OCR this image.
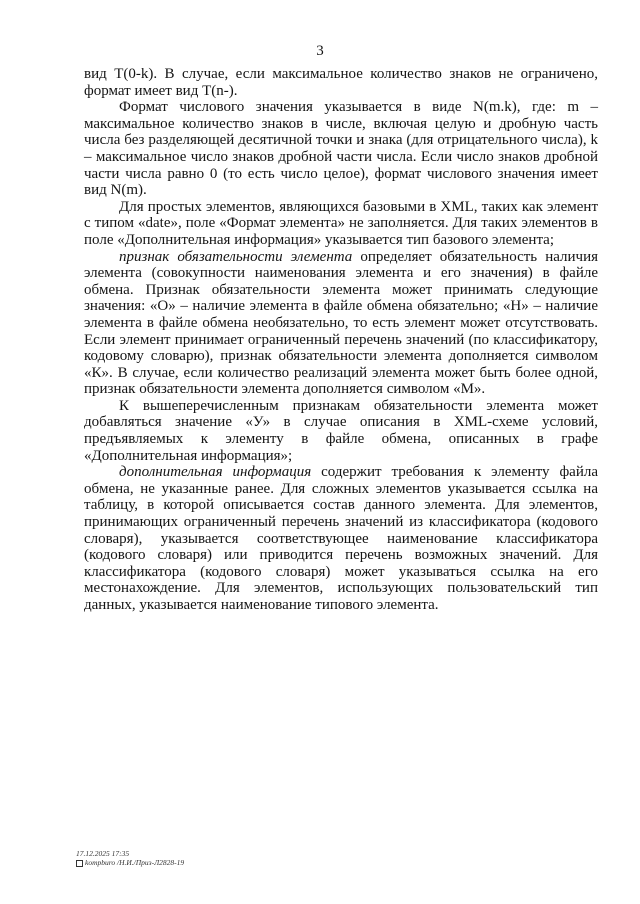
3

вид T(0-k). В случае, если максимальное количество знаков не ограничено, формат имеет вид T(n-).

Формат числового значения указывается в виде N(m.k), где: m – максимальное количество знаков в числе, включая целую и дробную часть числа без разделяющей десятичной точки и знака (для отрицательного числа), k – максимальное число знаков дробной части числа. Если число знаков дробной части числа равно 0 (то есть число целое), формат числового значения имеет вид N(m).

Для простых элементов, являющихся базовыми в XML, таких как элемент с типом «date», поле «Формат элемента» не заполняется. Для таких элементов в поле «Дополнительная информация» указывается тип базового элемента;

признак обязательности элемента определяет обязательность наличия элемента (совокупности наименования элемента и его значения) в файле обмена. Признак обязательности элемента может принимать следующие значения: «О» – наличие элемента в файле обмена обязательно; «Н» – наличие элемента в файле обмена необязательно, то есть элемент может отсутствовать. Если элемент принимает ограниченный перечень значений (по классификатору, кодовому словарю), признак обязательности элемента дополняется символом «К». В случае, если количество реализаций элемента может быть более одной, признак обязательности элемента дополняется символом «М».

К вышеперечисленным признакам обязательности элемента может добавляться значение «У» в случае описания в XML-схеме условий, предъявляемых к элементу в файле обмена, описанных в графе «Дополнительная информация»;

дополнительная информация содержит требования к элементу файла обмена, не указанные ранее. Для сложных элементов указывается ссылка на таблицу, в которой описывается состав данного элемента. Для элементов, принимающих ограниченный перечень значений из классификатора (кодового словаря), указывается соответствующее наименование классификатора (кодового словаря) или приводится перечень возможных значений. Для классификатора (кодового словаря) может указываться ссылка на его местонахождение. Для элементов, использующих пользовательский тип данных, указывается наименование типового элемента.

17.12.2025 17:35
kompburo /Н.И./Приз-Л2828-19
